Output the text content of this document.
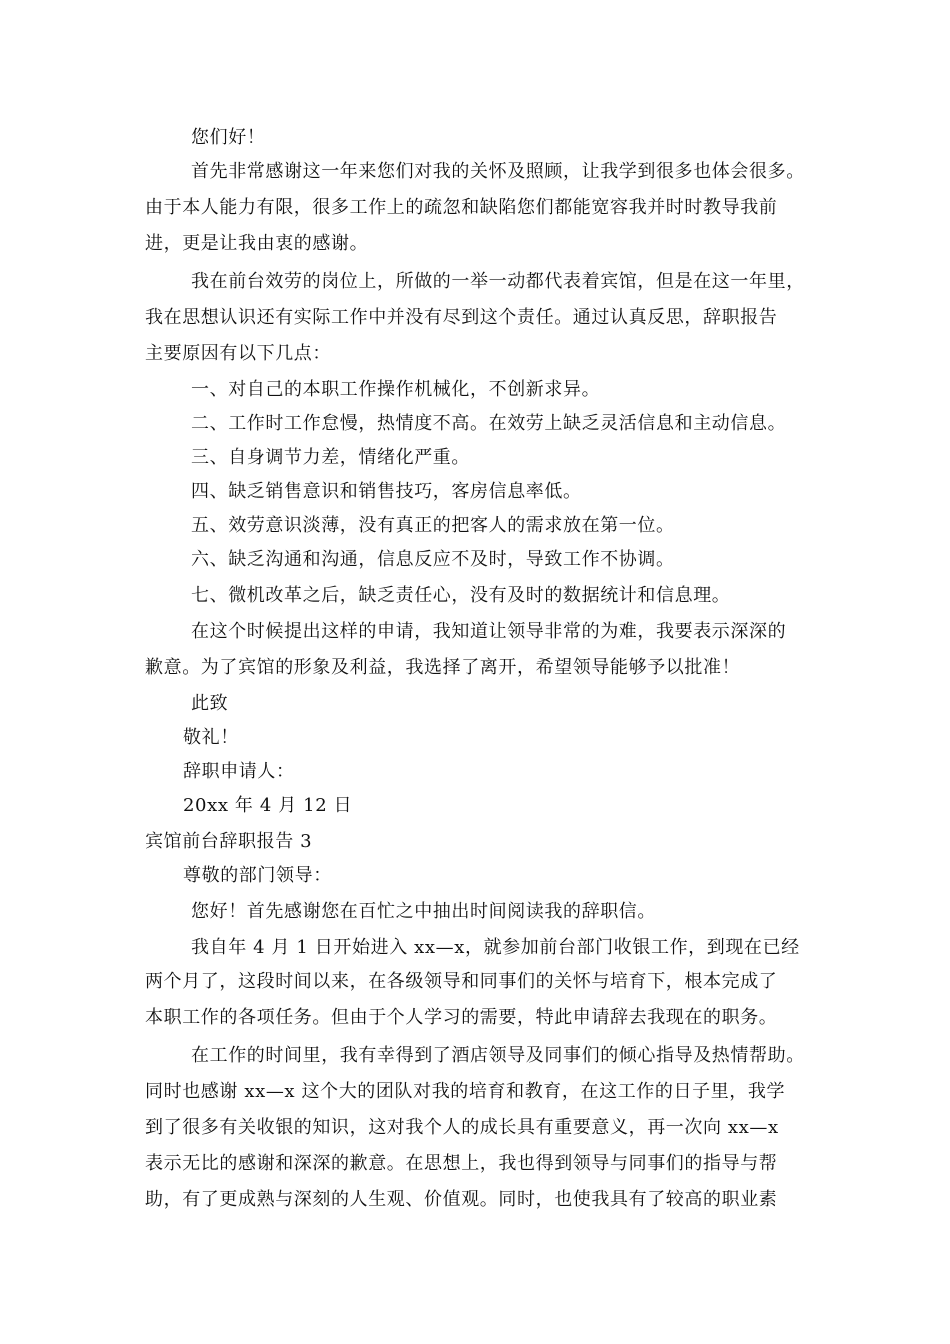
您们好！
首先非常感谢这一年来您们对我的关怀及照顾，让我学到很多也体会很多。
由于本人能力有限，很多工作上的疏忽和缺陷您们都能宽容我并时时教导我前
进，更是让我由衷的感谢。
我在前台效劳的岗位上，所做的一举一动都代表着宾馆，但是在这一年里，
我在思想认识还有实际工作中并没有尽到这个责任。通过认真反思，辞职报告
主要原因有以下几点：
一、对自己的本职工作操作机械化，不创新求异。
二、工作时工作怠慢，热情度不高。在效劳上缺乏灵活信息和主动信息。
三、自身调节力差，情绪化严重。
四、缺乏销售意识和销售技巧，客房信息率低。
五、效劳意识淡薄，没有真正的把客人的需求放在第一位。
六、缺乏沟通和沟通，信息反应不及时，导致工作不协调。
七、微机改革之后，缺乏责任心，没有及时的数据统计和信息理。
在这个时候提出这样的申请，我知道让领导非常的为难，我要表示深深的
歉意。为了宾馆的形象及利益，我选择了离开，希望领导能够予以批准！
此致
敬礼！
辞职申请人：
20xx 年 4 月 12 日
宾馆前台辞职报告 3
尊敬的部门领导：
您好！首先感谢您在百忙之中抽出时间阅读我的辞职信。
我自年 4 月 1 日开始进入 xx—x，就参加前台部门收银工作，到现在已经
两个月了，这段时间以来，在各级领导和同事们的关怀与培育下，根本完成了
本职工作的各项任务。但由于个人学习的需要，特此申请辞去我现在的职务。
在工作的时间里，我有幸得到了酒店领导及同事们的倾心指导及热情帮助。
同时也感谢 xx—x 这个大的团队对我的培育和教育，在这工作的日子里，我学
到了很多有关收银的知识，这对我个人的成长具有重要意义，再一次向 xx—x
表示无比的感谢和深深的歉意。在思想上，我也得到领导与同事们的指导与帮
助，有了更成熟与深刻的人生观、价值观。同时，也使我具有了较高的职业素
